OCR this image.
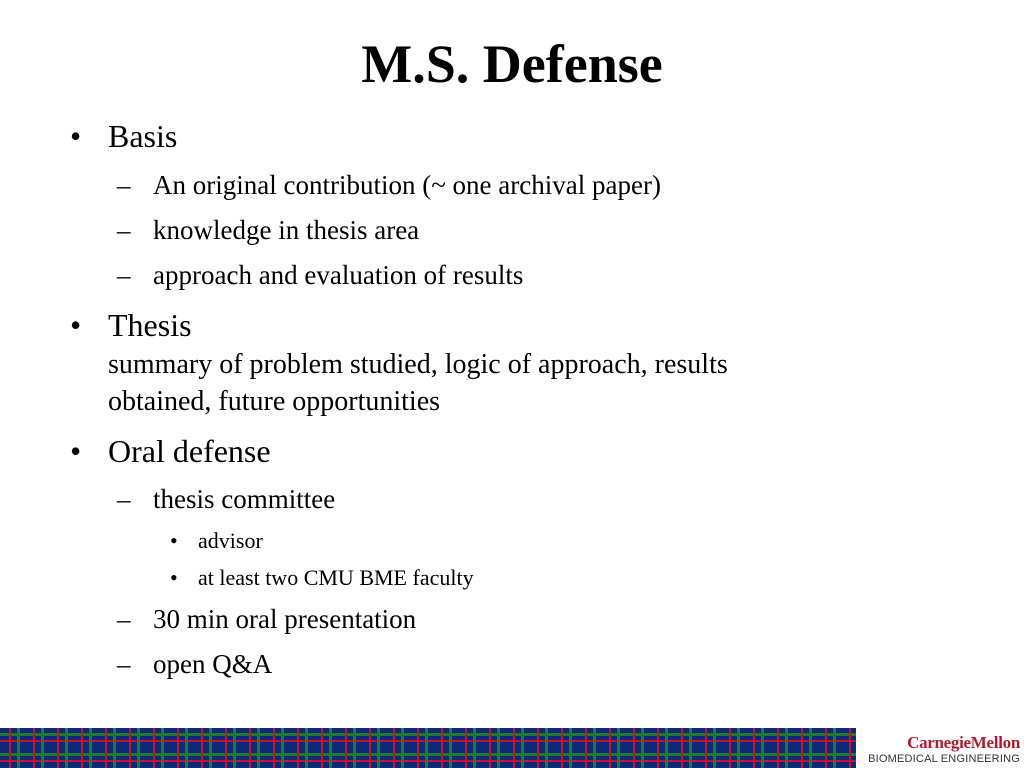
M.S. Defense
• Basis
– An original contribution (~ one archival paper)
– knowledge in thesis area
– approach and evaluation of results
• Thesis
summary of problem studied, logic of approach, results
obtained, future opportunities
• Oral defense
– thesis committee
• advisor
• at least two CMU BME faculty
– 30 min oral presentation
– open Q&A
CarnegieMellon
BIOMEDICAL ENGINEERING
